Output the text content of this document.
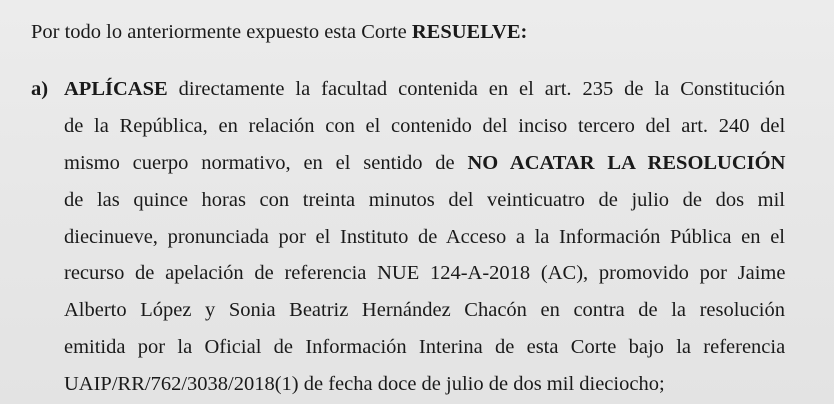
Por todo lo anteriormente expuesto esta Corte RESUELVE:
a) APLÍCASE directamente la facultad contenida en el art. 235 de la Constitución
de la República, en relación con el contenido del inciso tercero del art. 240 del
mismo cuerpo normativo, en el sentido de NO ACATAR LA RESOLUCIÓN
de las quince horas con treinta minutos del veinticuatro de julio de dos mil
diecinueve, pronunciada por el Instituto de Acceso a la Información Pública en el
recurso de apelación de referencia NUE 124-A-2018 (AC), promovido por Jaime
Alberto López y Sonia Beatriz Hernández Chacón en contra de la resolución
emitida por la Oficial de Información Interina de esta Corte bajo la referencia
UAIP/RR/762/3038/2018(1) de fecha doce de julio de dos mil dieciocho;
